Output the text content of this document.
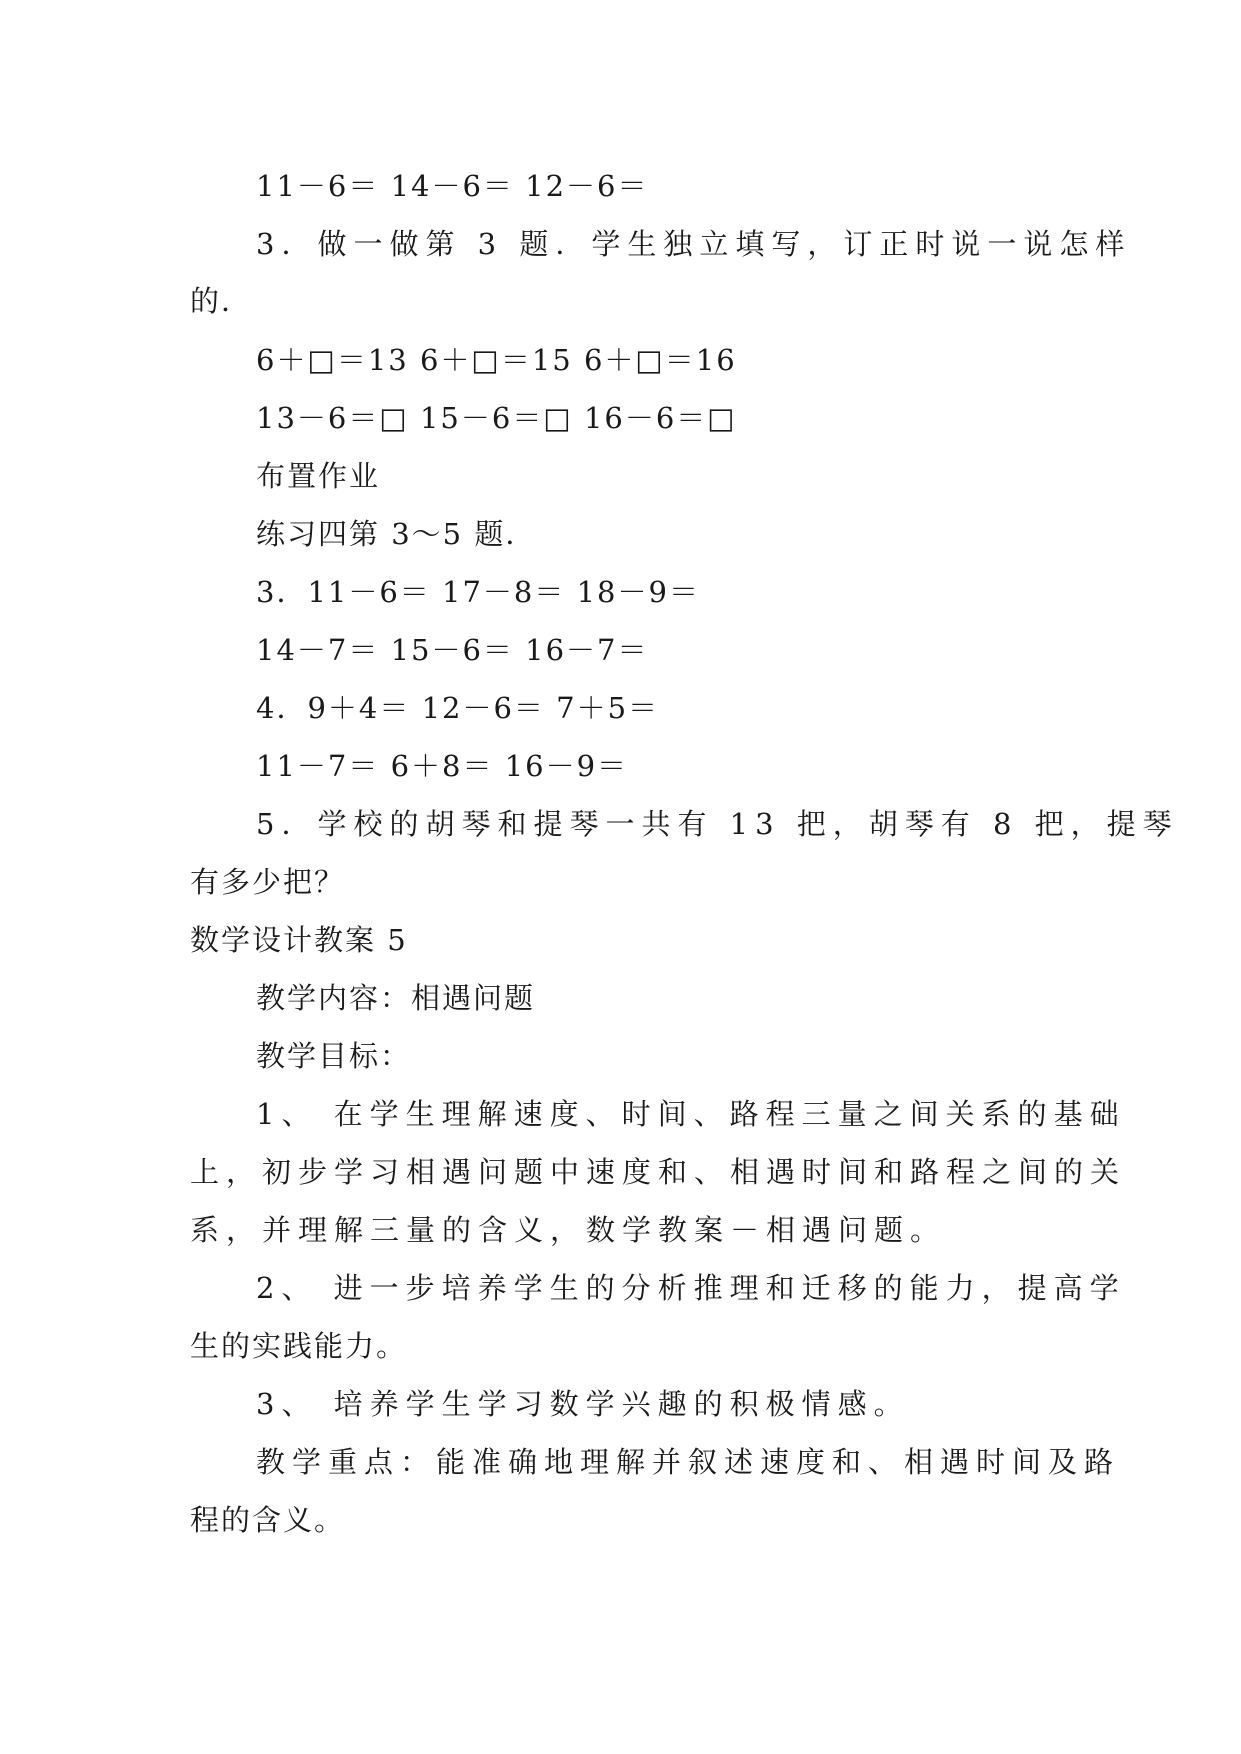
11－6＝ 14－6＝ 12－6＝
3．做一做第 3 题．学生独立填写，订正时说一说怎样
的．
6＋□＝13 6＋□＝15 6＋□＝16
13－6＝□ 15－6＝□ 16－6＝□
布置作业
练习四第 3～5 题．
3．11－6＝ 17－8＝ 18－9＝
14－7＝ 15－6＝ 16－7＝
4．9＋4＝ 12－6＝ 7＋5＝
11－7＝ 6＋8＝ 16－9＝
5．学校的胡琴和提琴一共有 13 把，胡琴有 8 把，提琴
有多少把？
数学设计教案 5
教学内容：相遇问题
教学目标：
1、 在学生理解速度、时间、路程三量之间关系的基础
上，初步学习相遇问题中速度和、相遇时间和路程之间的关
系，并理解三量的含义，数学教案－相遇问题。
2、 进一步培养学生的分析推理和迁移的能力，提高学
生的实践能力。
3、 培养学生学习数学兴趣的积极情感。
教学重点：能准确地理解并叙述速度和、相遇时间及路
程的含义。
